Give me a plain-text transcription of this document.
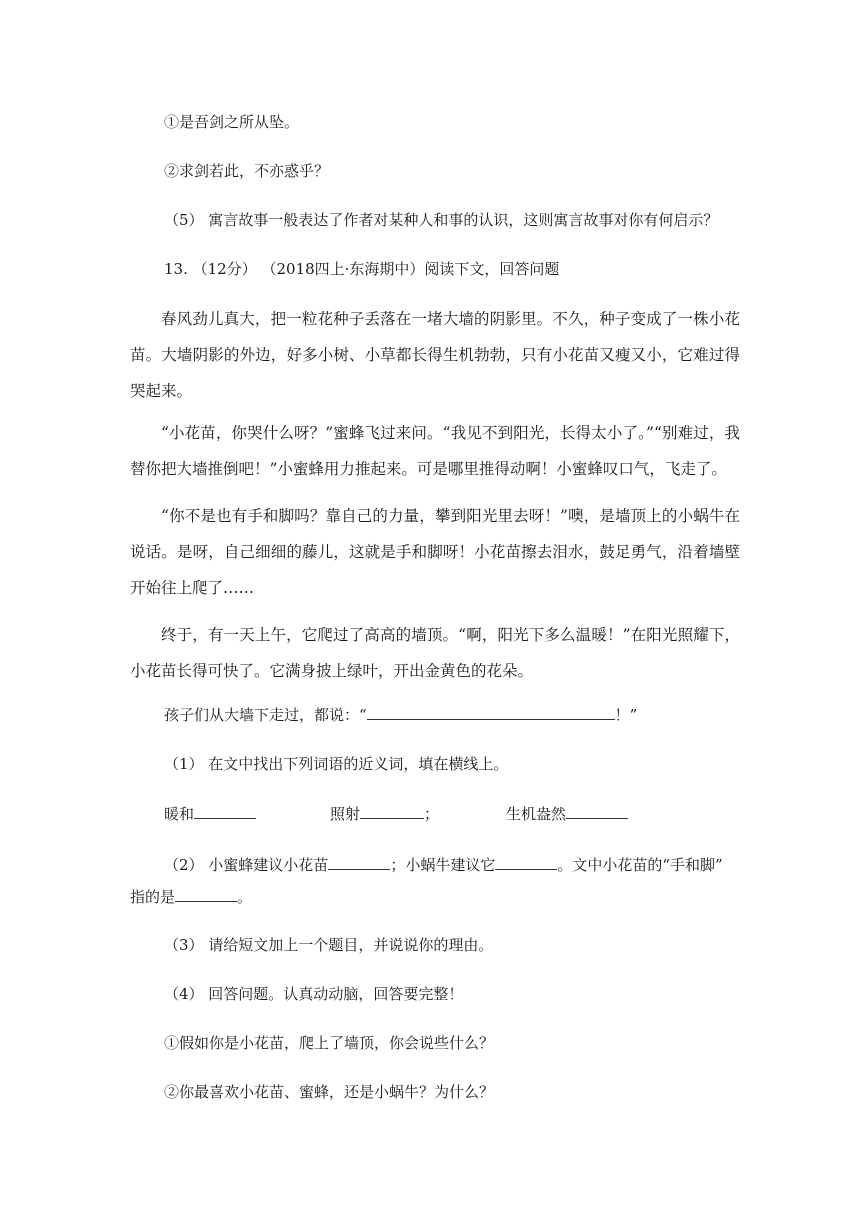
①是吾剑之所从坠。
②求剑若此，不亦惑乎？
（5） 寓言故事一般表达了作者对某种人和事的认识，这则寓言故事对你有何启示？
13. （12分） （2018四上·东海期中）阅读下文，回答问题
春风劲儿真大，把一粒花种子丢落在一堵大墙的阴影里。不久，种子变成了一株小花苗。大墙阴影的外边，好多小树、小草都长得生机勃勃，只有小花苗又瘦又小，它难过得哭起来。
“小花苗，你哭什么呀？”蜜蜂飞过来问。“我见不到阳光，长得太小了。”“别难过，我替你把大墙推倒吧！”小蜜蜂用力推起来。可是哪里推得动啊！小蜜蜂叹口气，飞走了。
“你不是也有手和脚吗？靠自己的力量，攀到阳光里去呀！”噢，是墙顶上的小蜗牛在说话。是呀，自己细细的藤儿，这就是手和脚呀！小花苗擦去泪水，鼓足勇气，沿着墙壁开始往上爬了……
终于，有一天上午，它爬过了高高的墙顶。“啊，阳光下多么温暖！”在阳光照耀下，小花苗长得可快了。它满身披上绿叶，开出金黄色的花朵。
孩子们从大墙下走过，都说：“	！”
（1） 在文中找出下列词语的近义词，填在横线上。
暖和	照射	；	生机盎然
（2） 小蜜蜂建议小花苗	；小蜗牛建议它	。文中小花苗的“手和脚”
指的是	。
（3） 请给短文加上一个题目，并说说你的理由。
（4） 回答问题。认真动动脑，回答要完整！
①假如你是小花苗，爬上了墙顶，你会说些什么？
②你最喜欢小花苗、蜜蜂，还是小蜗牛？为什么？
